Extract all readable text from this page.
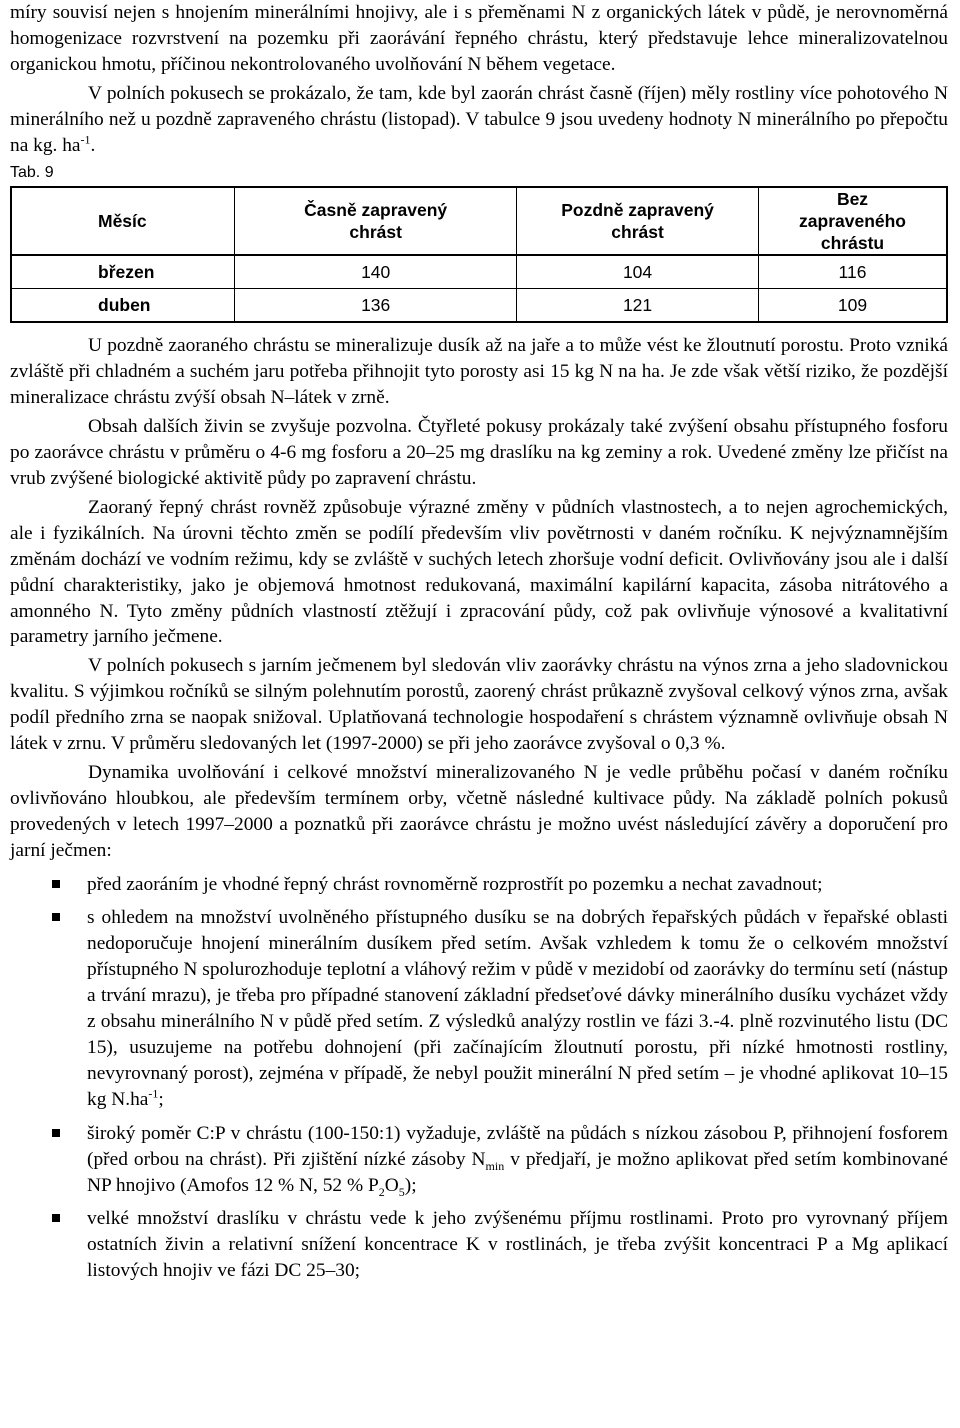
míry souvisí nejen s hnojením minerálními hnojivy, ale i s přeměnami N z organických látek v půdě, je nerovnoměrná homogenizace rozvrstvení na pozemku při zaorávání řepného chrástu, který představuje lehce mineralizovatelnou organickou hmotu, příčinou nekontrolovaného uvolňování N během vegetace.

V polních pokusech se prokázalo, že tam, kde byl zaorán chrást časně (říjen) měly rostliny více pohotového N minerálního než u pozdně zapraveného chrástu (listopad). V tabulce 9 jsou uvedeny hodnoty N minerálního po přepočtu na kg. $ha^{-1}$.

Tab. 9
Měsíc	Časně zapravený chrást	Pozdně zapravený chrást	Bez zapraveného chrástu
březen	140	104	116
duben	136	121	109

U pozdně zaoraného chrástu se mineralizuje dusík až na jaře a to může vést ke žloutnutí porostu. Proto vzniká zvláště při chladném a suchém jaru potřeba přihnojit tyto porosty asi 15 kg N na ha. Je zde však větší riziko, že pozdější mineralizace chrástu zvýší obsah N–látek v zrně.

Obsah dalších živin se zvyšuje pozvolna. Čtyřleté pokusy prokázaly také zvýšení obsahu přístupného fosforu po zaorávce chrástu v průměru o 4-6 mg fosforu a 20–25 mg draslíku na kg zeminy a rok. Uvedené změny lze přičíst na vrub zvýšené biologické aktivitě půdy po zapravení chrástu.

Zaoraný řepný chrást rovněž způsobuje výrazné změny v půdních vlastnostech, a to nejen agrochemických, ale i fyzikálních. Na úrovni těchto změn se podílí především vliv povětrnosti v daném ročníku. K nejvýznamnějším změnám dochází ve vodním režimu, kdy se zvláště v suchých letech zhoršuje vodní deficit. Ovlivňovány jsou ale i další půdní charakteristiky, jako je objemová hmotnost redukovaná, maximální kapilární kapacita, zásoba nitrátového a amonného N. Tyto změny půdních vlastností ztěžují i zpracování půdy, což pak ovlivňuje výnosové a kvalitativní parametry jarního ječmene.

V polních pokusech s jarním ječmenem byl sledován vliv zaorávky chrástu na výnos zrna a jeho sladovnickou kvalitu. S výjimkou ročníků se silným polehnutím porostů, zaorený chrást průkazně zvyšoval celkový výnos zrna, avšak podíl předního zrna se naopak snižoval. Uplatňovaná technologie hospodaření s chrástem významně ovlivňuje obsah N látek v zrnu. V průměru sledovaných let (1997-2000) se při jeho zaorávce zvyšoval o 0,3 %.

Dynamika uvolňování i celkové množství mineralizovaného N je vedle průběhu počasí v daném ročníku ovlivňováno hloubkou, ale především termínem orby, včetně následné kultivace půdy. Na základě polních pokusů provedených v letech 1997–2000 a poznatků při zaorávce chrástu je možno uvést následující závěry a doporučení pro jarní ječmen:

před zaoráním je vhodné řepný chrást rovnoměrně rozprostřít po pozemku a nechat zavadnout;

s ohledem na množství uvolněného přístupného dusíku se na dobrých řepařských půdách v řepařské oblasti nedoporučuje hnojení minerálním dusíkem před setím. Avšak vzhledem k tomu že o celkovém množství přístupného N spolurozhoduje teplotní a vláhový režim v půdě v mezidobí od zaorávky do termínu setí (nástup a trvání mrazu), je třeba pro případné stanovení základní předseťové dávky minerálního dusíku vycházet vždy z obsahu minerálního N v půdě před setím. Z výsledků analýzy rostlin ve fázi 3.-4. plně rozvinutého listu (DC 15), usuzujeme na potřebu dohnojení (při začínajícím žloutnutí porostu, při nízké hmotnosti rostliny, nevyrovnaný porost), zejména v případě, že nebyl použit minerální N před setím – je vhodné aplikovat 10–15 kg $N.ha^{-1}$;

široký poměr C:P v chrástu (100-150:1) vyžaduje, zvláště na půdách s nízkou zásobou P, přihnojení fosforem (před orbou na chrást). Při zjištění nízké zásoby $N_{min}$ v předjaří, je možno aplikovat před setím kombinované NP hnojivo (Amofos 12 % N, 52 % $P_2O_5$);

velké množství draslíku v chrástu vede k jeho zvýšenému příjmu rostlinami. Proto pro vyrovnaný příjem ostatních živin a relativní snížení koncentrace K v rostlinách, je třeba zvýšit koncentraci P a Mg aplikací listových hnojiv ve fázi DC 25–30;
